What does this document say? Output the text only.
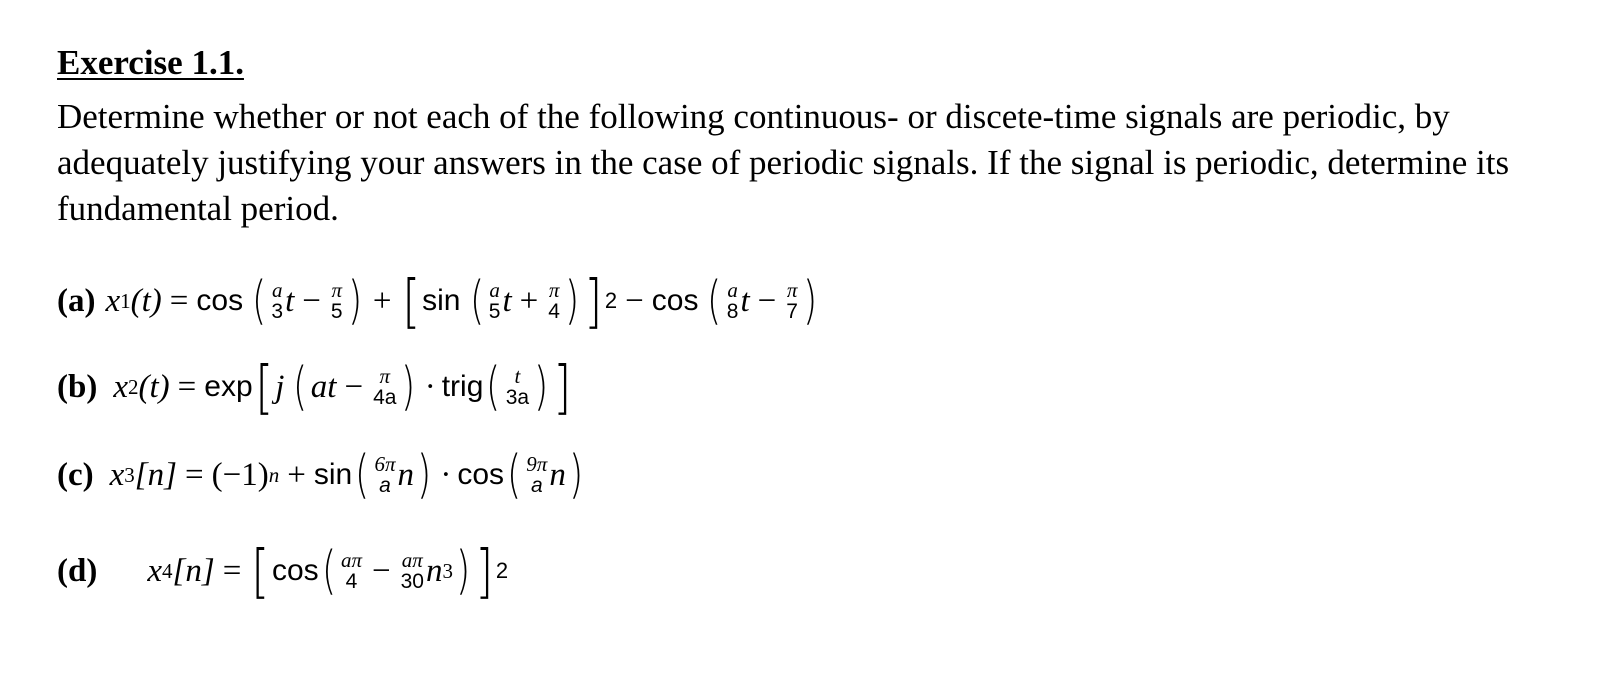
Exercise 1.1.

Determine whether or not each of the following continuous- or discete-time signals are periodic, by adequately justifying your answers in the case of periodic signals. If the signal is periodic, determine its fundamental period.

(a) x 1 (t) = cos ( a
3 t − π
5 ) + [ sin ( a
5 t + π
4 ) ] 2 − cos ( a
8 t − π
7 )
(b) x 2 (t) = exp [ j ( at − π
4a ) · trig ( t
3a ) ]
(c) x 3 [n] = (−1) n + sin ( 6π
a n ) · cos ( 9π
a n )
(d) x 4 [n] = [ cos ( aπ
4 − aπ
30 n 3 ) ] 2
